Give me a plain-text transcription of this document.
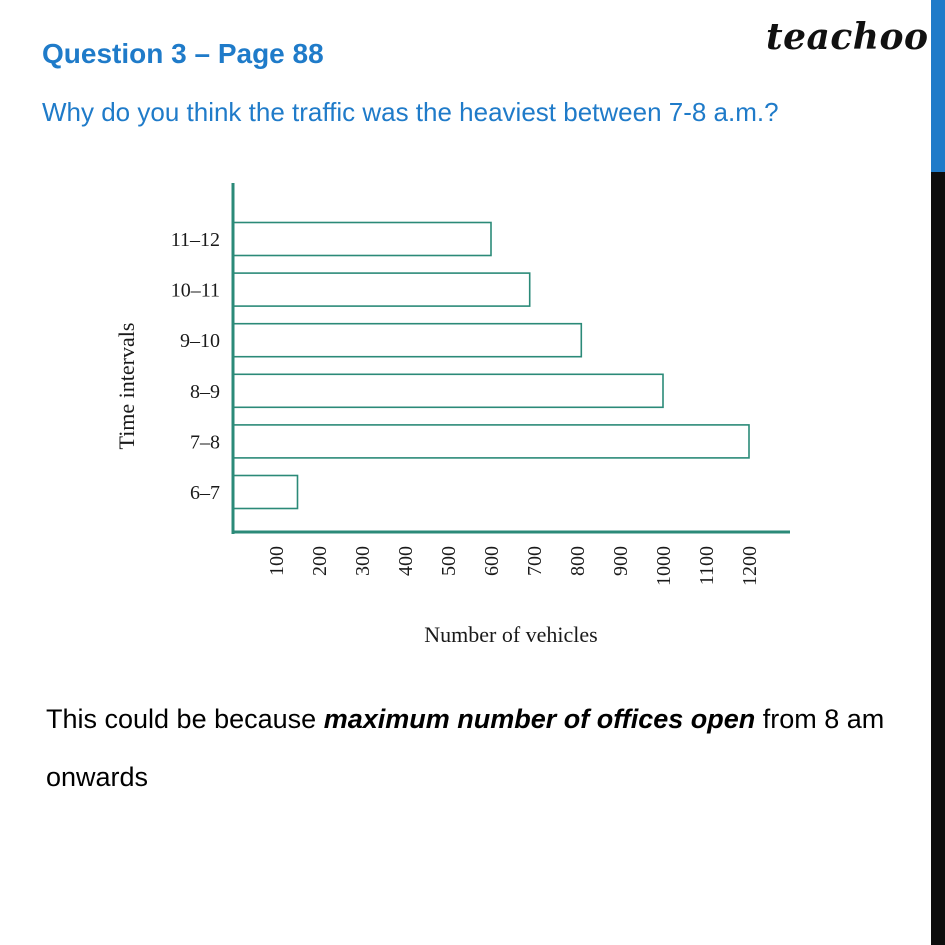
Question 3 – Page 88	teachoo
Why do you think the traffic was the heaviest between 7-8 a.m.?
6–7
7–8
8–9
9–10
10–11
11–12
100 200 300 400 500 600 700 800 900 1000 1100 1200
Number of vehicles
Time intervals
This could be because maximum number of offices open from 8 am onwards
